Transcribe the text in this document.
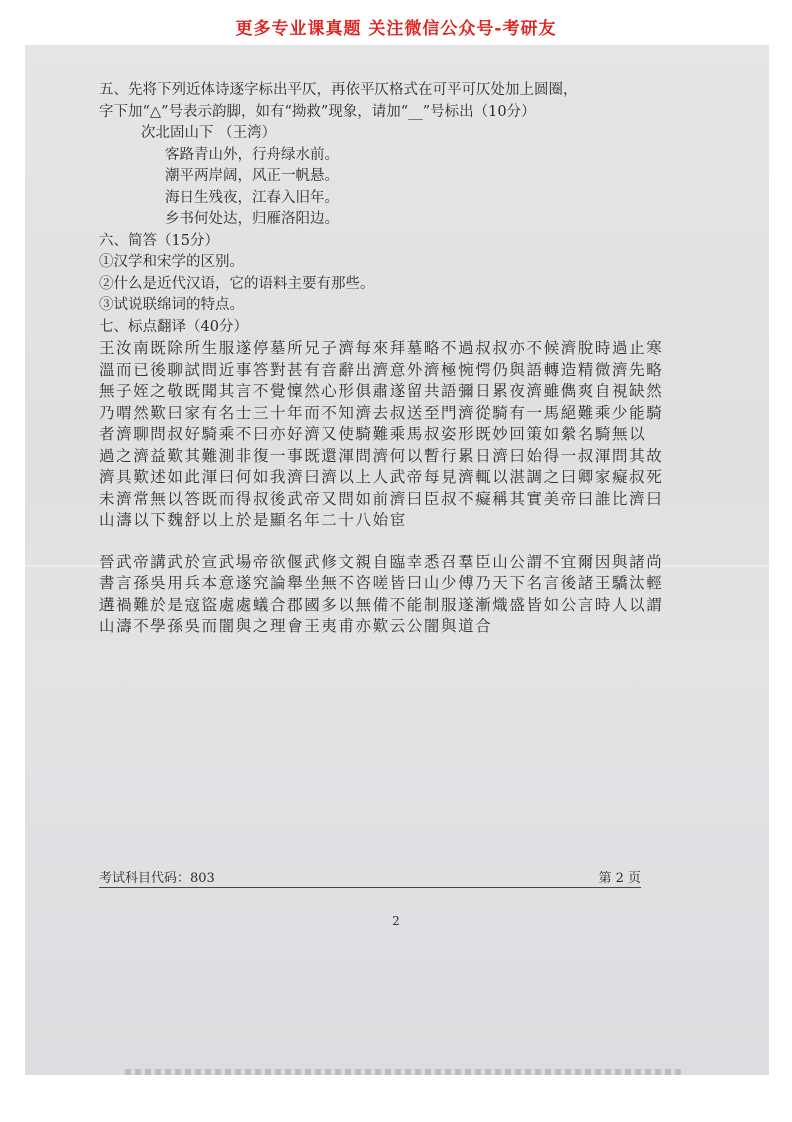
更多专业课真题 关注微信公众号-考研友
五、先将下列近体诗逐字标出平仄，再依平仄格式在可平可仄处加上圆圈，
字下加“△”号表示韵脚，如有“拗救”现象，请加“__”号标出（10分）
次北固山下 （王湾）
客路青山外，行舟绿水前。
潮平两岸阔，风正一帆悬。
海日生残夜，江春入旧年。
乡书何处达，归雁洛阳边。
六、简答（15分）
①汉学和宋学的区别。
②什么是近代汉语，它的语料主要有那些。
③试说联绵词的特点。
七、标点翻译（40分）
王汝南既除所生服遂停墓所兄子濟每來拜墓略不過叔叔亦不候濟脫時過止寒
溫而已後聊試問近事答對甚有音辭出濟意外濟極惋愕仍與語轉造精微濟先略
無子姪之敬既聞其言不覺懍然心形俱肅遂留共語彌日累夜濟雖儁爽自視缺然
乃喟然歎曰家有名士三十年而不知濟去叔送至門濟從騎有一馬絕難乘少能騎
者濟聊問叔好騎乘不曰亦好濟又使騎難乘馬叔姿形既妙回策如縈名騎無以
過之濟益歎其難測非復一事既還渾問濟何以暫行累日濟曰始得一叔渾問其故
濟具歎述如此渾曰何如我濟曰濟以上人武帝每見濟輒以湛調之曰卿家癡叔死
未濟常無以答既而得叔後武帝又問如前濟曰臣叔不癡稱其實美帝曰誰比濟曰
山濤以下魏舒以上於是顯名年二十八始宦
晉武帝講武於宣武場帝欲偃武修文親自臨幸悉召羣臣山公謂不宜爾因與諸尚
書言孫吳用兵本意遂究論舉坐無不咨嗟皆曰山少傅乃天下名言後諸王驕汰輕
遘禍難於是寇盜處處蟻合郡國多以無備不能制服遂漸熾盛皆如公言時人以謂
山濤不學孫吳而闇與之理會王夷甫亦歎云公闇與道合
考试科目代码：803	第 2 页
2
